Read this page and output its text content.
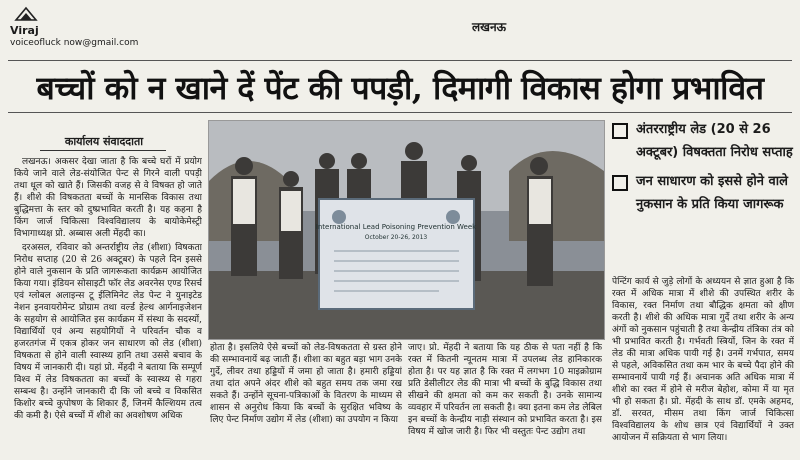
Viraj
voiceofluck now@gmail.com
लखनऊ
बच्चों को न खाने दें पेंट की पपड़ी, दिमागी विकास होगा प्रभावित
कार्यालय संवाददाता

लखनऊ। अकसर देखा जाता है कि बच्चे घरों में प्रयोग किये जाने वाले लेड-संयोजित पेन्ट से गिरने वाली पपड़ी तथा धूल को खाते हैं। जिसकी वजह से वे विषक्त हो जाते हैं। शीशे की विषकतता बच्चों के मानसिक विकास तथा बुद्धिमत्ता के स्तर को दुष्प्रभावित करती है। यह कहना है किंग जार्ज चिकित्सा विश्वविद्यालय के बायोकेमेस्ट्री विभागाध्यक्ष प्रो. अब्बास अली मेंहदी का।

दरअसल, रविवार को अन्तर्राष्ट्रीय लेड (शीशा) विषकता निरोध सप्ताह (20 से 26 अक्टूबर) के पहले दिन इससे होने वाले नुकसान के प्रति जागरूकता कार्यक्रम आयोजित किया गया। इंडियन सोसाइटी फॉर लेड अवरनेस एण्ड रिसर्च एवं ग्लोबल अलाइन्स टू ईलिमिनेट लेड पेन्ट ने युनाइटेड नेशन इनवायरोमेन्ट प्रोग्राम तथा वर्ल्ड हेल्थ आर्गनाइजेशन के सहयोग से आयोजित इस कार्यक्रम में संस्था के सदस्यों, विद्यार्थियों एवं अन्य सहयोगियों ने परिवर्तन चौक व हजरतगंज में एकत्र होकर जन साधारण को लेड (शीशा) विषकता से होने वाली स्वास्थ्य हानि तथा उससे बचाव के विषय में जानकारी दी। यहां प्रो. मेंहदी ने बताया कि सम्पूर्ण विश्व में लेड विषकतता का बच्चों के स्वास्थ्य से गहरा सम्बन्ध है। उन्होंने जानकारी दी कि जो बच्चे व विकसित किशोर बच्चे कुपोषण के शिकार हैं, जिनमें कैल्शियम तत्व की कमी है। ऐसे बच्चों में शीशे का अवशोषण अधिक

International Lead Poisoning Prevention Week
October 20-26, 2013
होता है। इसलिये ऐसे बच्चों को लेड-विषकतता से ग्रस्त होने की सम्भावनायें बढ़ जाती हैं। शीशा का बहुत बड़ा भाग उनके गुर्दे, लीवर तथा हड्डियों में जमा हो जाता है। हमारी हड्डियां तथा दांत अपने अंदर शीशे को बहुत समय तक जमा रख सकते हैं। उन्होंने सूचना-पत्रिकाओं के वितरण के माध्यम से शासन से अनुरोध किया कि बच्चों के सुरक्षित भविष्य के लिए पेन्ट निर्माण उद्योग में लेड (शीशा) का उपयोग न किया
जाए। प्रो. मेंहदी ने बताया कि यह ठीक से पता नहीं है कि रक्त में कितनी न्यूनतम मात्रा में उपलब्ध लेड हानिकारक होता है। पर यह ज्ञात है कि रक्त में लगभग 10 माइक्रोग्राम प्रति डेसीलीटर लेड की मात्रा भी बच्चों के बुद्धि विकास तथा सीखने की क्षमता को कम कर सकती है। उनके सामान्य व्यवहार में परिवर्तन ला सकती है। क्या इतना कम लेड लेबिल इन बच्चों के केन्द्रीय नाड़ी संस्थान को प्रभावित करता है। इस विषय में खोज जारी है। फिर भी वस्तुतः पेन्ट उद्योग तथा
अंतरराष्ट्रीय लेड (20 से 26 अक्टूबर) विषक्तता निरोध सप्ताह
जन साधारण को इससे होने वाले नुकसान के प्रति किया जागरूक
पेन्टिंग कार्य से जुड़े लोगों के अध्ययन से ज्ञात हुआ है कि रक्त में अधिक मात्रा में शीशे की उपस्थित शरीर के विकास, रक्त निर्माण तथा बौद्धिक क्षमता को क्षीण करती है। शीशे की अधिक मात्रा गुर्दे तथा शरीर के अन्य अंगों को नुकसान पहुंचाती है तथा केन्द्रीय तंत्रिका तंत्र को भी प्रभावित करती है। गर्भवती स्त्रियों, जिन के रक्त में लेड की मात्रा अधिक पायी गई है। उनमें गर्भपात, समय से पहले, अविकसित तथा कम भार के बच्चे पैदा होने की सम्भावनायें पायी गई हैं। अचानक अति अधिक मात्रा में शीशे का रक्त में होने से मरीज बेहोश, कोमा में या मृत भी हो सकता है। प्रो. मेंहदी के साथ डॉ. एमके अहमद, डॉ. सरवत, मीसम तथा किंग जार्ज चिकित्सा विश्वविद्यालय के शोध छात्र एवं विद्यार्थियों ने उक्त आयोजन में सक्रियता से भाग लिया।
